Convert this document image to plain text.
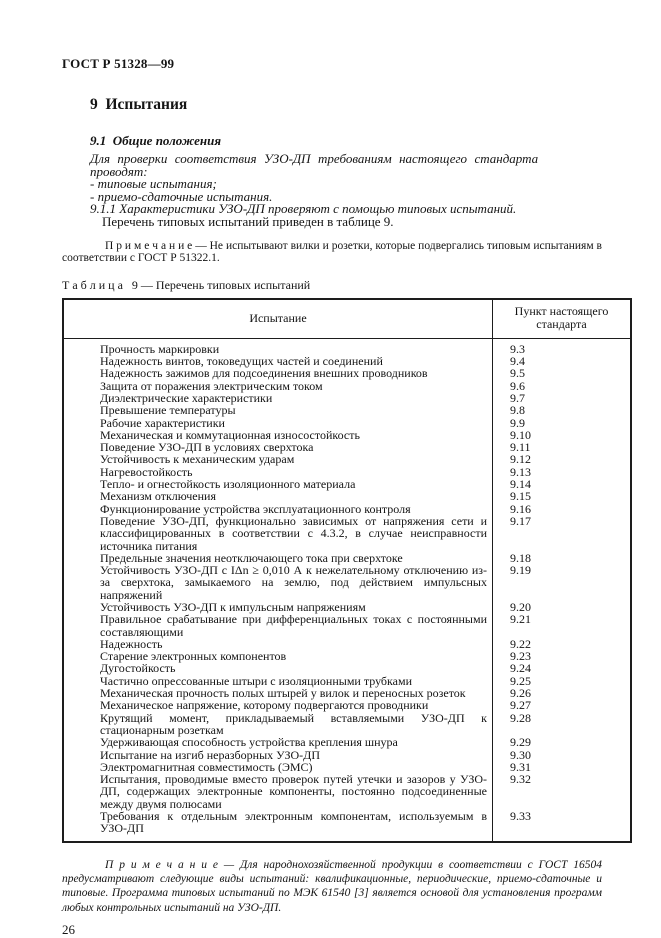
ГОСТ Р 51328—99
9  Испытания
9.1  Общие положения

Для проверки соответствия УЗО-ДП требованиям настоящего стандарта проводят:

- типовые испытания;

- приемо-сдаточные испытания.

9.1.1 Характеристики УЗО-ДП проверяют с помощью типовых испытаний.

Перечень типовых испытаний приведен в таблице 9.

П р и м е ч а н и е — Не испытывают вилки и розетки, которые подвергались типовым испытаниям в соответствии с ГОСТ Р 51322.1.
Т а б л и ц а   9 — Перечень типовых испытаний
Испытание	Пункт настоящего стандарта
Прочность маркировки	9.3
Надежность винтов, токоведущих частей и соединений	9.4
Надежность зажимов для подсоединения внешних проводников	9.5
Защита от поражения электрическим током	9.6
Диэлектрические характеристики	9.7
Превышение температуры	9.8
Рабочие характеристики	9.9
Механическая и коммутационная износостойкость	9.10
Поведение УЗО-ДП в условиях сверхтока	9.11
Устойчивость к механическим ударам	9.12
Нагревостойкость	9.13
Тепло- и огнестойкость изоляционного материала	9.14
Механизм отключения	9.15
Функционирование устройства эксплуатационного контроля	9.16
Поведение УЗО-ДП, функционально зависимых от напряжения сети и классифицированных в соответствии с 4.3.2, в случае неисправности источника питания	9.17
Предельные значения неотключающего тока при сверхтоке	9.18
Устойчивость УЗО-ДП с IΔn ≥ 0,010 А к нежелательному отключению из-за сверхтока, замыкаемого на землю, под действием импульсных напряжений	9.19
Устойчивость УЗО-ДП к импульсным напряжениям	9.20
Правильное срабатывание при дифференциальных токах с постоянными составляющими	9.21
Надежность	9.22
Старение электронных компонентов	9.23
Дугостойкость	9.24
Частично опрессованные штыри с изоляционными трубками	9.25
Механическая прочность полых штырей у вилок и переносных розеток	9.26
Механическое напряжение, которому подвергаются проводники	9.27
Крутящий момент, прикладываемый вставляемыми УЗО-ДП к стационарным розеткам	9.28
Удерживающая способность устройства крепления шнура	9.29
Испытание на изгиб неразборных УЗО-ДП	9.30
Электромагнитная совместимость (ЭМС)	9.31
Испытания, проводимые вместо проверок путей утечки и зазоров у УЗО-ДП, содержащих электронные компоненты, постоянно подсоединенные между двумя полюсами	9.32
Требования к отдельным электронным компонентам, используемым в УЗО-ДП	9.33
П р и м е ч а н и е — Для народнохозяйственной продукции в соответствии с ГОСТ 16504 предусматривают следующие виды испытаний: квалификационные, периодические, приемо-сдаточные и типовые. Программа типовых испытаний по МЭК 61540 [3] является основой для установления программ любых контрольных испытаний на УЗО-ДП.
26
